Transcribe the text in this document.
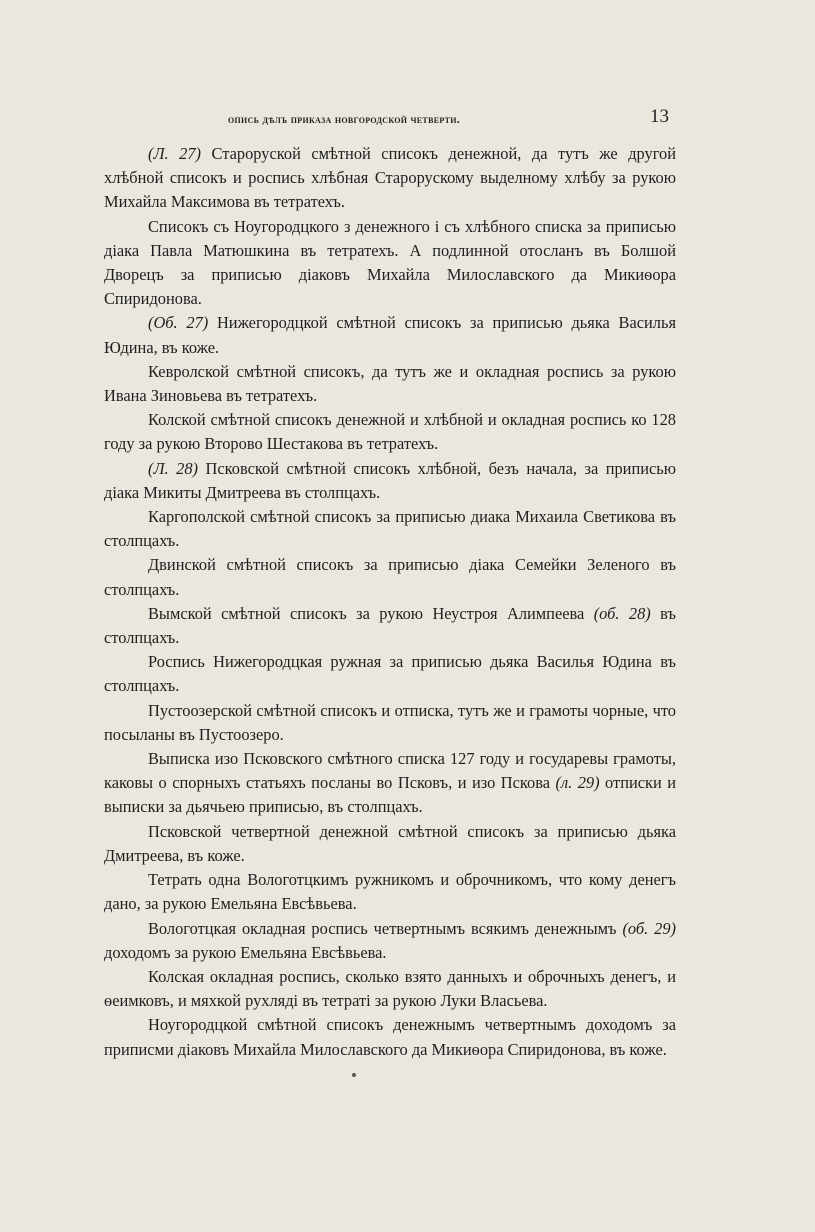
опись дѣлъ приказа новгородской четверти.	13

(Л. 27) Староруской смѣтной списокъ денежной, да тутъ же другой хлѣбной списокъ и роспись хлѣбная Старорускому выделному хлѣбу за рукою Михайла Максимова въ тетратехъ.

Списокъ съ Ноугородцкого з денежного і съ хлѣбного списка за приписью діака Павла Матюшкина въ тетратехъ. А подлинной отосланъ въ Болшой Дворецъ за приписью діаковъ Михайла Милославского да Микиѳора Спиридонова.

(Об. 27) Нижегородцкой смѣтной списокъ за приписью дьяка Василья Юдина, въ коже.

Кевролской смѣтной списокъ, да тутъ же и окладная роспись за рукою Ивана Зиновьева въ тетратехъ.

Колской смѣтной списокъ денежной и хлѣбной и окладная роспись ко 128 году за рукою Второво Шестакова въ тетратехъ.

(Л. 28) Псковской смѣтной списокъ хлѣбной, безъ начала, за приписью діака Микиты Дмитреева въ столпцахъ.

Каргополской смѣтной списокъ за приписью диака Михаила Светикова въ столпцахъ.

Двинской смѣтной списокъ за приписью діака Семейки Зеленого въ столпцахъ.

Вымской смѣтной списокъ за рукою Неустроя Алимпеева (об. 28) въ столпцахъ.

Роспись Нижегородцкая ружная за приписью дьяка Василья Юдина въ столпцахъ.

Пустоозерской смѣтной списокъ и отписка, тутъ же и грамоты чорные, что посыланы въ Пустоозеро.

Выписка изо Псковского смѣтного списка 127 году и государевы грамоты, каковы о спорныхъ статьяхъ посланы во Псковъ, и изо Пскова (л. 29) отписки и выписки за дьячьею приписью, въ столпцахъ.

Псковской четвертной денежной смѣтной списокъ за приписью дьяка Дмитреева, въ коже.

Тетрать одна Вологотцкимъ ружникомъ и оброчникомъ, что кому денегъ дано, за рукою Емельяна Евсѣвьева.

Вологотцкая окладная роспись четвертнымъ всякимъ денежнымъ (об. 29) доходомъ за рукою Емельяна Евсѣвьева.

Колская окладная роспись, сколько взято данныхъ и оброчныхъ денегъ, и ѳеимковъ, и мяхкой рухляді въ тетраті за рукою Луки Власьева.

Ноугородцкой смѣтной списокъ денежнымъ четвертнымъ доходомъ за приписми діаковъ Михайла Милославского да Микиѳора Спиридонова, въ коже.
